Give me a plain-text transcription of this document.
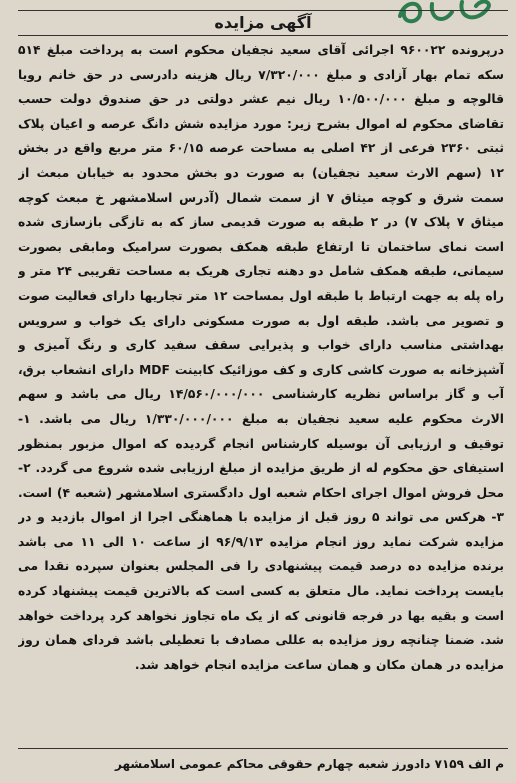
آگهی مزایده
درپرونده ۹۶۰۰۲۲ اجرائی آقای سعید نجفیان محکوم است به پرداخت مبلغ ۵۱۴ سکه تمام بهار آزادی و مبلغ ۷/۳۲۰/۰۰۰ ریال هزینه دادرسی در حق خانم رویا قالوچه و مبلغ ۱۰/۵۰۰/۰۰۰ ریال نیم عشر دولتی در حق صندوق دولت حسب تقاضای محکوم له اموال بشرح زیر: مورد مزایده شش دانگ عرصه و اعیان پلاک ثبتی ۲۳۶۰ فرعی از ۴۲ اصلی به مساحت عرصه ۶۰/۱۵ متر مربع واقع در بخش ۱۲ (سهم الارث سعید نجفیان) به صورت دو بخش محدود به خیابان مبعث از سمت شرق و کوچه میثاق ۷ از سمت شمال (آدرس اسلامشهر خ مبعث کوچه میثاق ۷ پلاک ۷) در ۲ طبقه به صورت قدیمی ساز که به تازگی بازسازی شده است نمای ساختمان تا ارتفاع طبقه همکف بصورت سرامیک ومابقی بصورت سیمانی، طبقه همکف شامل دو دهنه تجاری هریک به مساحت تقریبی ۲۴ متر و راه پله به جهت ارتباط با طبقه اول بمساحت ۱۲ متر تجاریها دارای فعالیت صوت و تصویر می باشد. طبقه اول به صورت مسکونی دارای یک خواب و سرویس بهداشتی مناسب دارای خواب و پذیرایی سقف سفید کاری و رنگ آمیزی و آشپزخانه به صورت کاشی کاری و کف موزائیک کابینت MDF دارای انشعاب برق، آب و گاز براساس نظریه کارشناسی ۱۴/۵۶۰/۰۰۰/۰۰۰ ریال می باشد و سهم الارث محکوم علیه سعید نجفیان به مبلغ ۱/۳۳۰/۰۰۰/۰۰۰ ریال می باشد. ۱- توقیف و ارزیابی آن بوسیله کارشناس انجام گردیده که اموال مزبور بمنظور استیفای حق محکوم له از طریق مزایده از مبلغ ارزیابی شده شروع می گردد. ۲- محل فروش اموال اجرای احکام شعبه اول دادگستری اسلامشهر (شعبه ۴) است. ۳- هرکس می تواند ۵ روز قبل از مزایده با هماهنگی اجرا از اموال بازدید و در مزایده شرکت نماید روز انجام مزایده ۹۶/۹/۱۳ از ساعت ۱۰ الی ۱۱ می باشد برنده مزایده ده درصد قیمت پیشنهادی را فی المجلس بعنوان سپرده نقدا می بایست پرداخت نماید. مال متعلق به کسی است که بالاترین قیمت پیشنهاد کرده است و بقیه بها در فرجه قانونی که از یک ماه تجاوز نخواهد کرد پرداخت خواهد شد. ضمنا چنانچه روز مزایده به عللی مصادف با تعطیلی باشد فردای همان روز مزایده در همان مکان و همان ساعت مزایده انجام خواهد شد.
م الف ۷۱۵۹ دادورز شعبه چهارم حقوقی محاکم عمومی اسلامشهر
